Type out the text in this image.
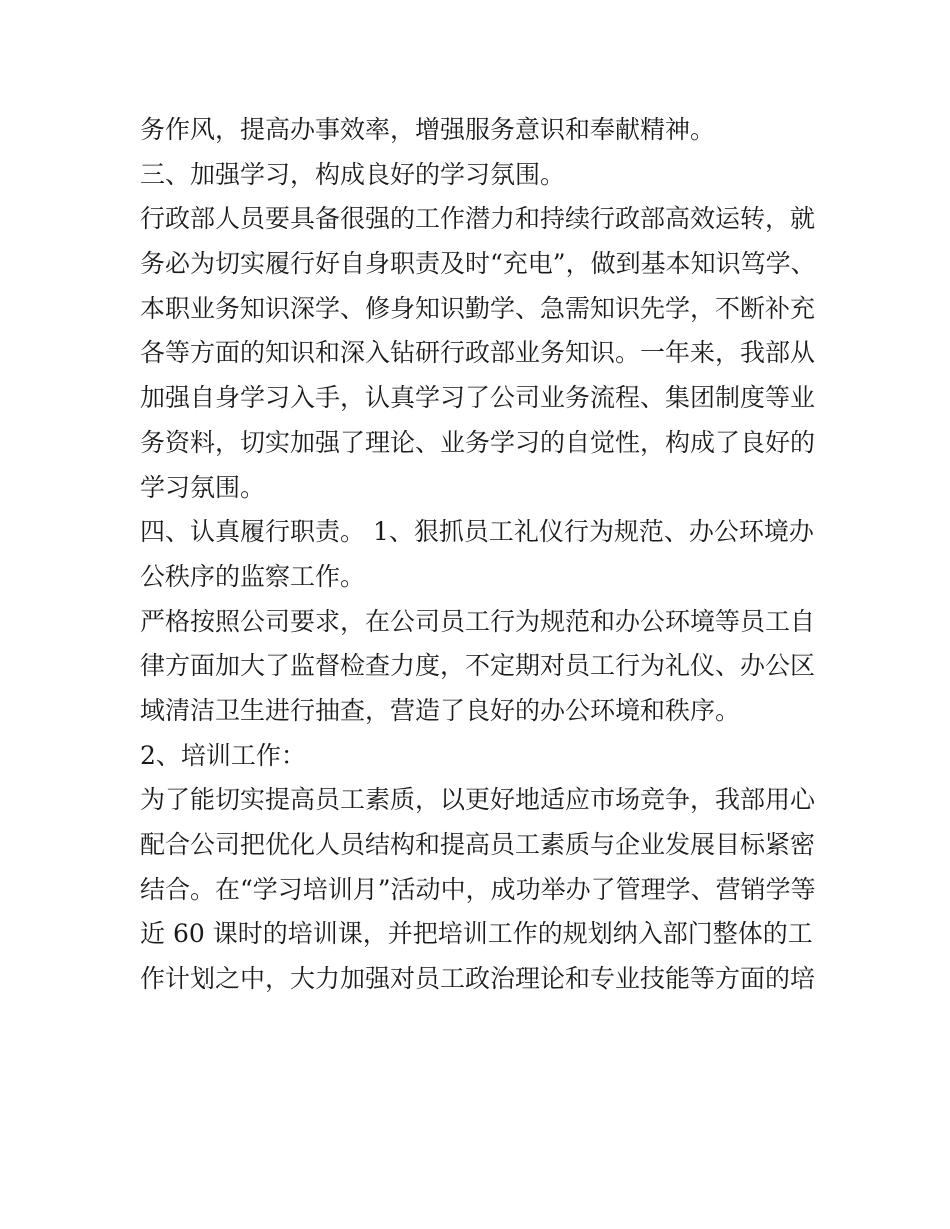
务作风，提高办事效率，增强服务意识和奉献精神。
三、加强学习，构成良好的学习氛围。
行政部人员要具备很强的工作潜力和持续行政部高效运转，就
务必为切实履行好自身职责及时“充电”，做到基本知识笃学、
本职业务知识深学、修身知识勤学、急需知识先学，不断补充
各等方面的知识和深入钻研行政部业务知识。一年来，我部从
加强自身学习入手，认真学习了公司业务流程、集团制度等业
务资料，切实加强了理论、业务学习的自觉性，构成了良好的
学习氛围。
四、认真履行职责。 1、狠抓员工礼仪行为规范、办公环境办
公秩序的监察工作。
严格按照公司要求，在公司员工行为规范和办公环境等员工自
律方面加大了监督检查力度，不定期对员工行为礼仪、办公区
域清洁卫生进行抽查，营造了良好的办公环境和秩序。
2、培训工作：
为了能切实提高员工素质，以更好地适应市场竞争，我部用心
配合公司把优化人员结构和提高员工素质与企业发展目标紧密
结合。在“学习培训月”活动中，成功举办了管理学、营销学等
近 60 课时的培训课，并把培训工作的规划纳入部门整体的工
作计划之中，大力加强对员工政治理论和专业技能等方面的培
